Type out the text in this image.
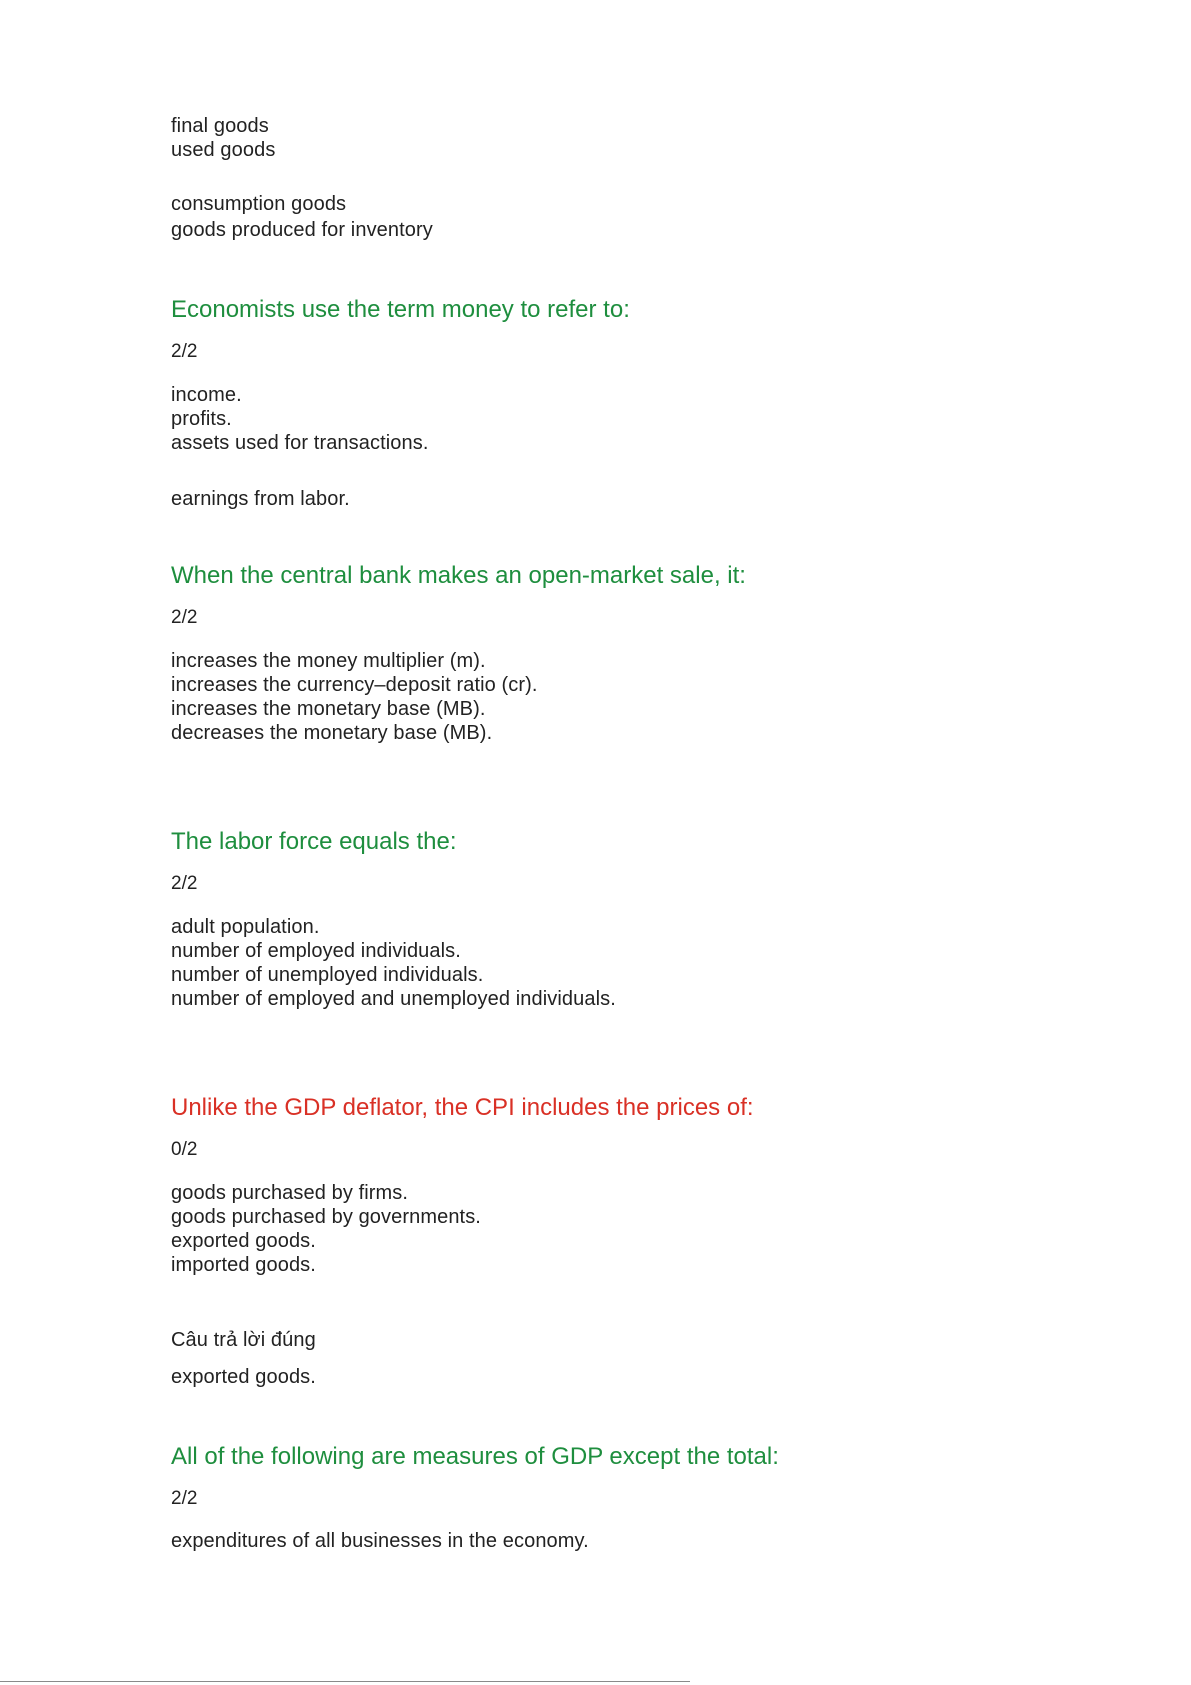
final goods
used goods
consumption goods
goods produced for inventory
Economists use the term money to refer to:
2/2
income.
profits.
assets used for transactions.
earnings from labor.
When the central bank makes an open-market sale, it:
2/2
increases the money multiplier (m).
increases the currency–deposit ratio (cr).
increases the monetary base (MB).
decreases the monetary base (MB).
The labor force equals the:
2/2
adult population.
number of employed individuals.
number of unemployed individuals.
number of employed and unemployed individuals.
Unlike the GDP deflator, the CPI includes the prices of:
0/2
goods purchased by firms.
goods purchased by governments.
exported goods.
imported goods.
Câu trả lời đúng
exported goods.
All of the following are measures of GDP except the total:
2/2
expenditures of all businesses in the economy.
